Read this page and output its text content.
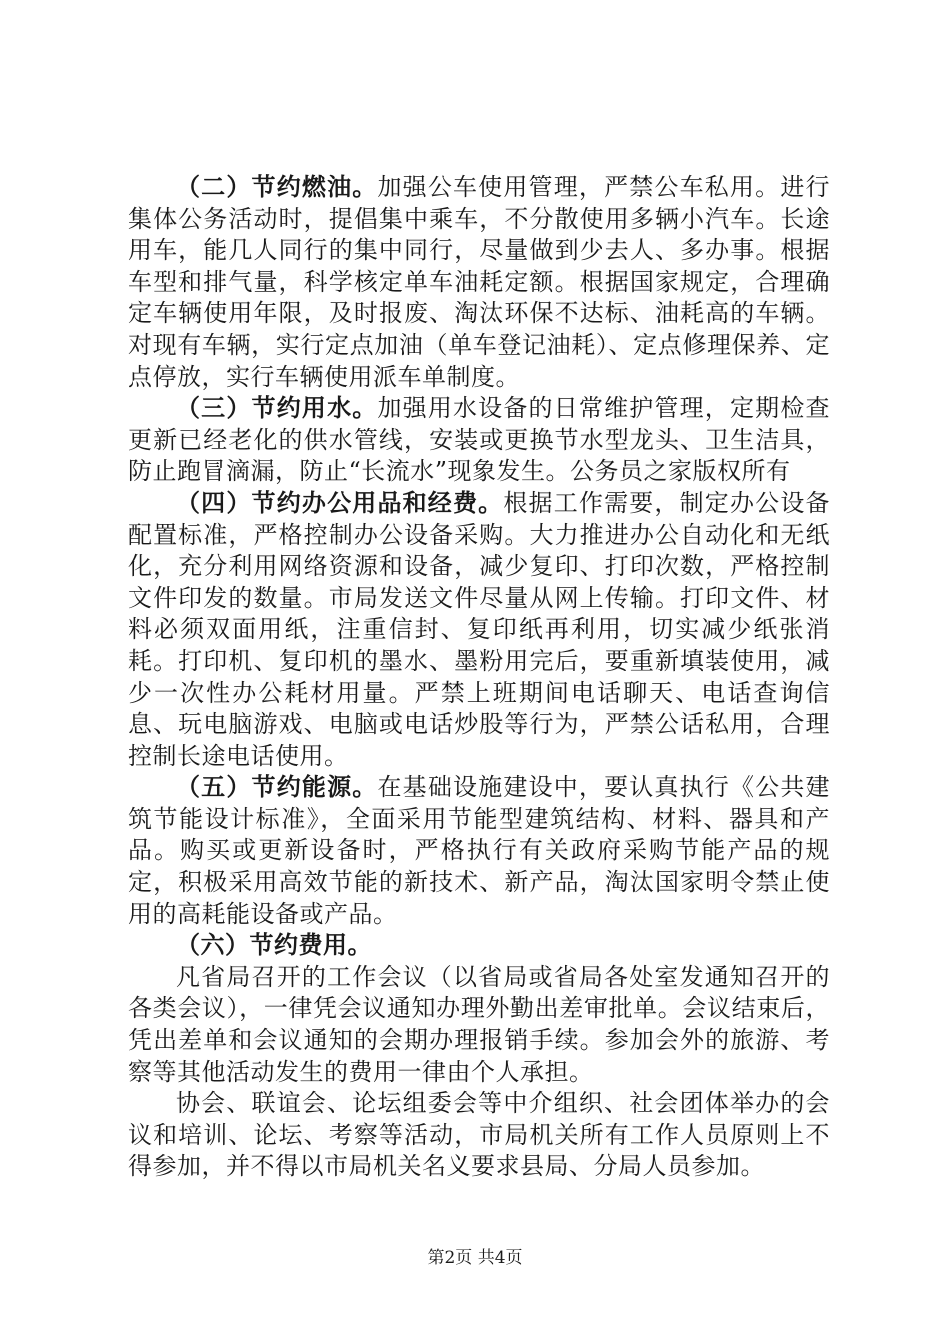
（二）节约燃油。加强公车使用管理，严禁公车私用。进行集体公务活动时，提倡集中乘车，不分散使用多辆小汽车。长途用车，能几人同行的集中同行，尽量做到少去人、多办事。根据车型和排气量，科学核定单车油耗定额。根据国家规定，合理确定车辆使用年限，及时报废、淘汰环保不达标、油耗高的车辆。对现有车辆，实行定点加油（单车登记油耗）、定点修理保养、定点停放，实行车辆使用派车单制度。

（三）节约用水。加强用水设备的日常维护管理，定期检查更新已经老化的供水管线，安装或更换节水型龙头、卫生洁具，防止跑冒滴漏，防止“长流水”现象发生。公务员之家版权所有

（四）节约办公用品和经费。根据工作需要，制定办公设备配置标准，严格控制办公设备采购。大力推进办公自动化和无纸化，充分利用网络资源和设备，减少复印、打印次数，严格控制文件印发的数量。市局发送文件尽量从网上传输。打印文件、材料必须双面用纸，注重信封、复印纸再利用，切实减少纸张消耗。打印机、复印机的墨水、墨粉用完后，要重新填装使用，减少一次性办公耗材用量。严禁上班期间电话聊天、电话查询信息、玩电脑游戏、电脑或电话炒股等行为，严禁公话私用，合理控制长途电话使用。

（五）节约能源。在基础设施建设中，要认真执行《公共建筑节能设计标准》，全面采用节能型建筑结构、材料、器具和产品。购买或更新设备时，严格执行有关政府采购节能产品的规定，积极采用高效节能的新技术、新产品，淘汰国家明令禁止使用的高耗能设备或产品。

（六）节约费用。

凡省局召开的工作会议（以省局或省局各处室发通知召开的各类会议），一律凭会议通知办理外勤出差审批单。会议结束后，凭出差单和会议通知的会期办理报销手续。参加会外的旅游、考察等其他活动发生的费用一律由个人承担。

协会、联谊会、论坛组委会等中介组织、社会团体举办的会议和培训、论坛、考察等活动，市局机关所有工作人员原则上不得参加，并不得以市局机关名义要求县局、分局人员参加。

第2页 共4页
